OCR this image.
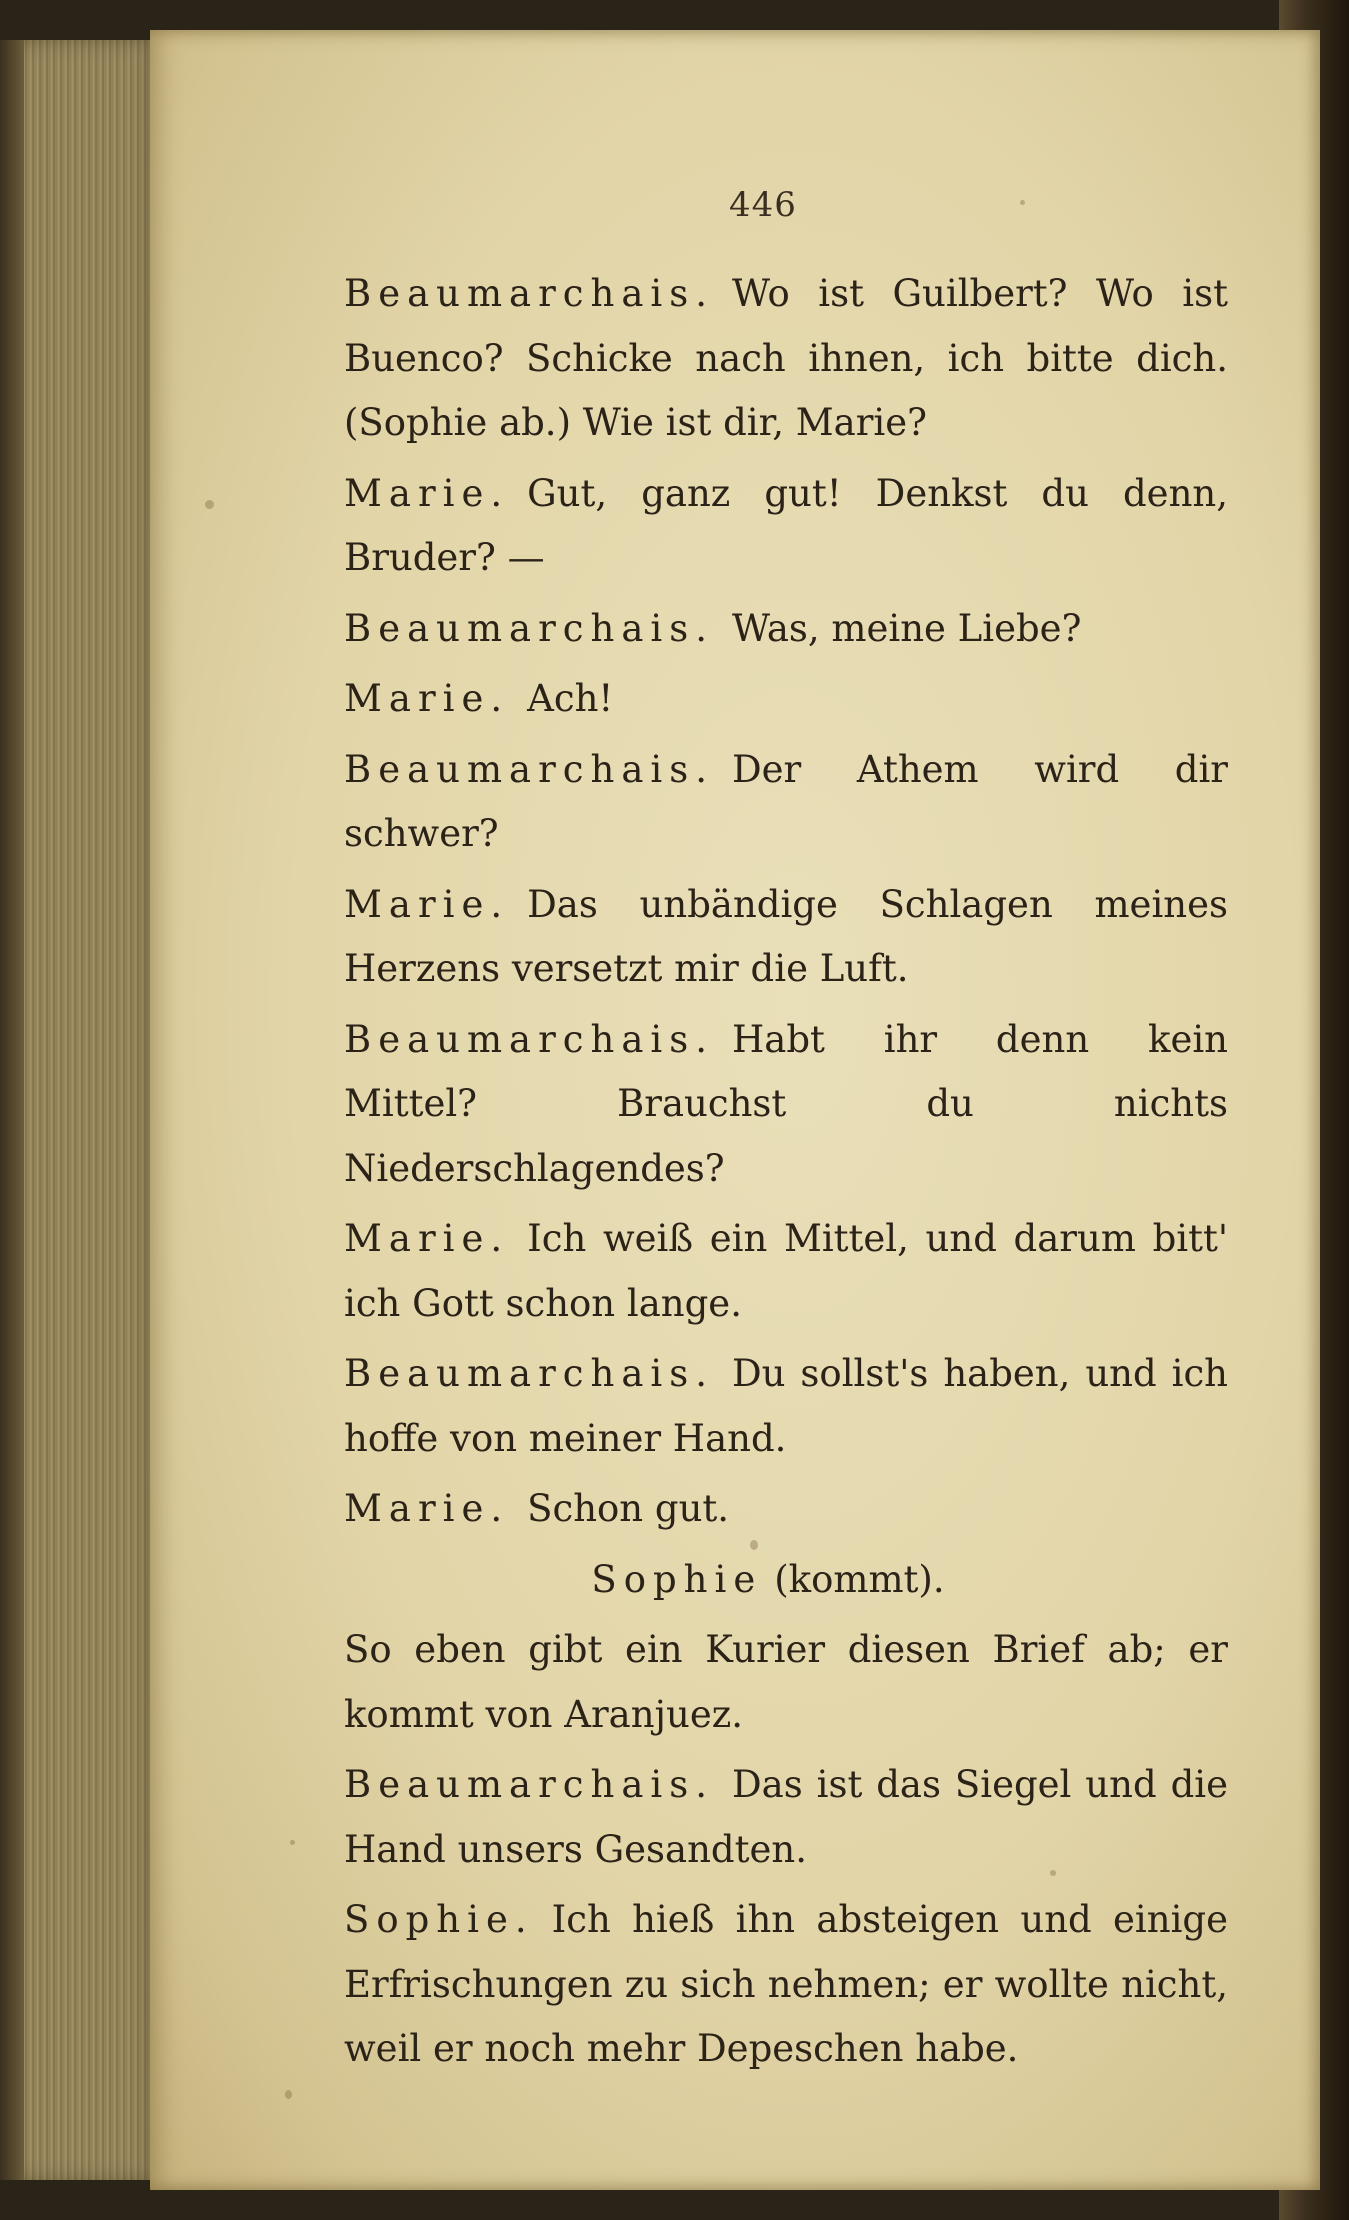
446

Beaumarchais. Wo ist Guilbert? Wo ist Buenco? Schicke nach ihnen, ich bitte dich. (Sophie ab.) Wie ist dir, Marie?

Marie. Gut, ganz gut! Denkst du denn, Bruder? —

Beaumarchais. Was, meine Liebe?

Marie. Ach!

Beaumarchais. Der Athem wird dir schwer?

Marie. Das unbändige Schlagen meines Herzens versetzt mir die Luft.

Beaumarchais. Habt ihr denn kein Mittel? Brauchst du nichts Niederschlagendes?

Marie. Ich weiß ein Mittel, und darum bitt' ich Gott schon lange.

Beaumarchais. Du sollst's haben, und ich hoffe von meiner Hand.

Marie. Schon gut.

Sophie (kommt).

So eben gibt ein Kurier diesen Brief ab; er kommt von Aranjuez.

Beaumarchais. Das ist das Siegel und die Hand unsers Gesandten.

Sophie. Ich hieß ihn absteigen und einige Erfrischungen zu sich nehmen; er wollte nicht, weil er noch mehr Depeschen habe.
